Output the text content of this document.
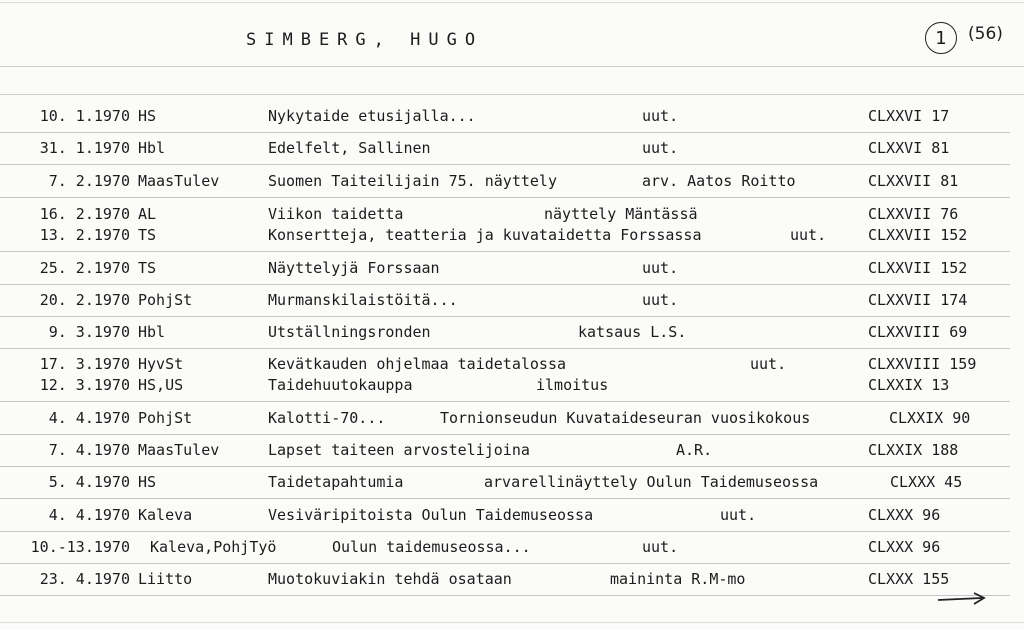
SIMBERG, HUGO	1 (56)
10. 1.1970 HS	Nykytaide etusijalla...	uut.	CLXXVI 17
31. 1.1970 Hbl	Edelfelt, Sallinen	uut.	CLXXVI 81
7. 2.1970 MaasTulev	Suomen Taiteilijain 75. näyttely	arv. Aatos Roitto	CLXXVII 81
16. 2.1970 AL	Viikon taidetta	näyttely Mäntässä	CLXXVII 76
13. 2.1970 TS	Konsertteja, teatteria ja kuvataidetta Forssassa	uut.	CLXXVII 152
25. 2.1970 TS	Näyttelyjä Forssaan	uut.	CLXXVII 152
20. 2.1970 PohjSt	Murmanskilaistöitä...	uut.	CLXXVII 174
9. 3.1970 Hbl	Utställningsronden	katsaus L.S.	CLXXVIII 69
17. 3.1970 HyvSt	Kevätkauden ohjelmaa taidetalossa	uut.	CLXXVIII 159
12. 3.1970 HS,US	Taidehuutokauppa	ilmoitus	CLXXIX 13
4. 4.1970 PohjSt	Kalotti-70...	Tornionseudun Kuvataideseuran vuosikokous	CLXXIX 90
7. 4.1970 MaasTulev	Lapset taiteen arvostelijoina	A.R.	CLXXIX 188
5. 4.1970 HS	Taidetapahtumia	arvarellinäyttely Oulun Taidemuseossa	CLXXX 45
4. 4.1970 Kaleva	Vesiväripitoista Oulun Taidemuseossa	uut.	CLXXX 96
10.-13.1970 Kaleva,PohjTyö	Oulun taidemuseossa...	uut.	CLXXX 96
23. 4.1970 Liitto	Muotokuviakin tehdä osataan	maininta R.M-mo	CLXXX 155
